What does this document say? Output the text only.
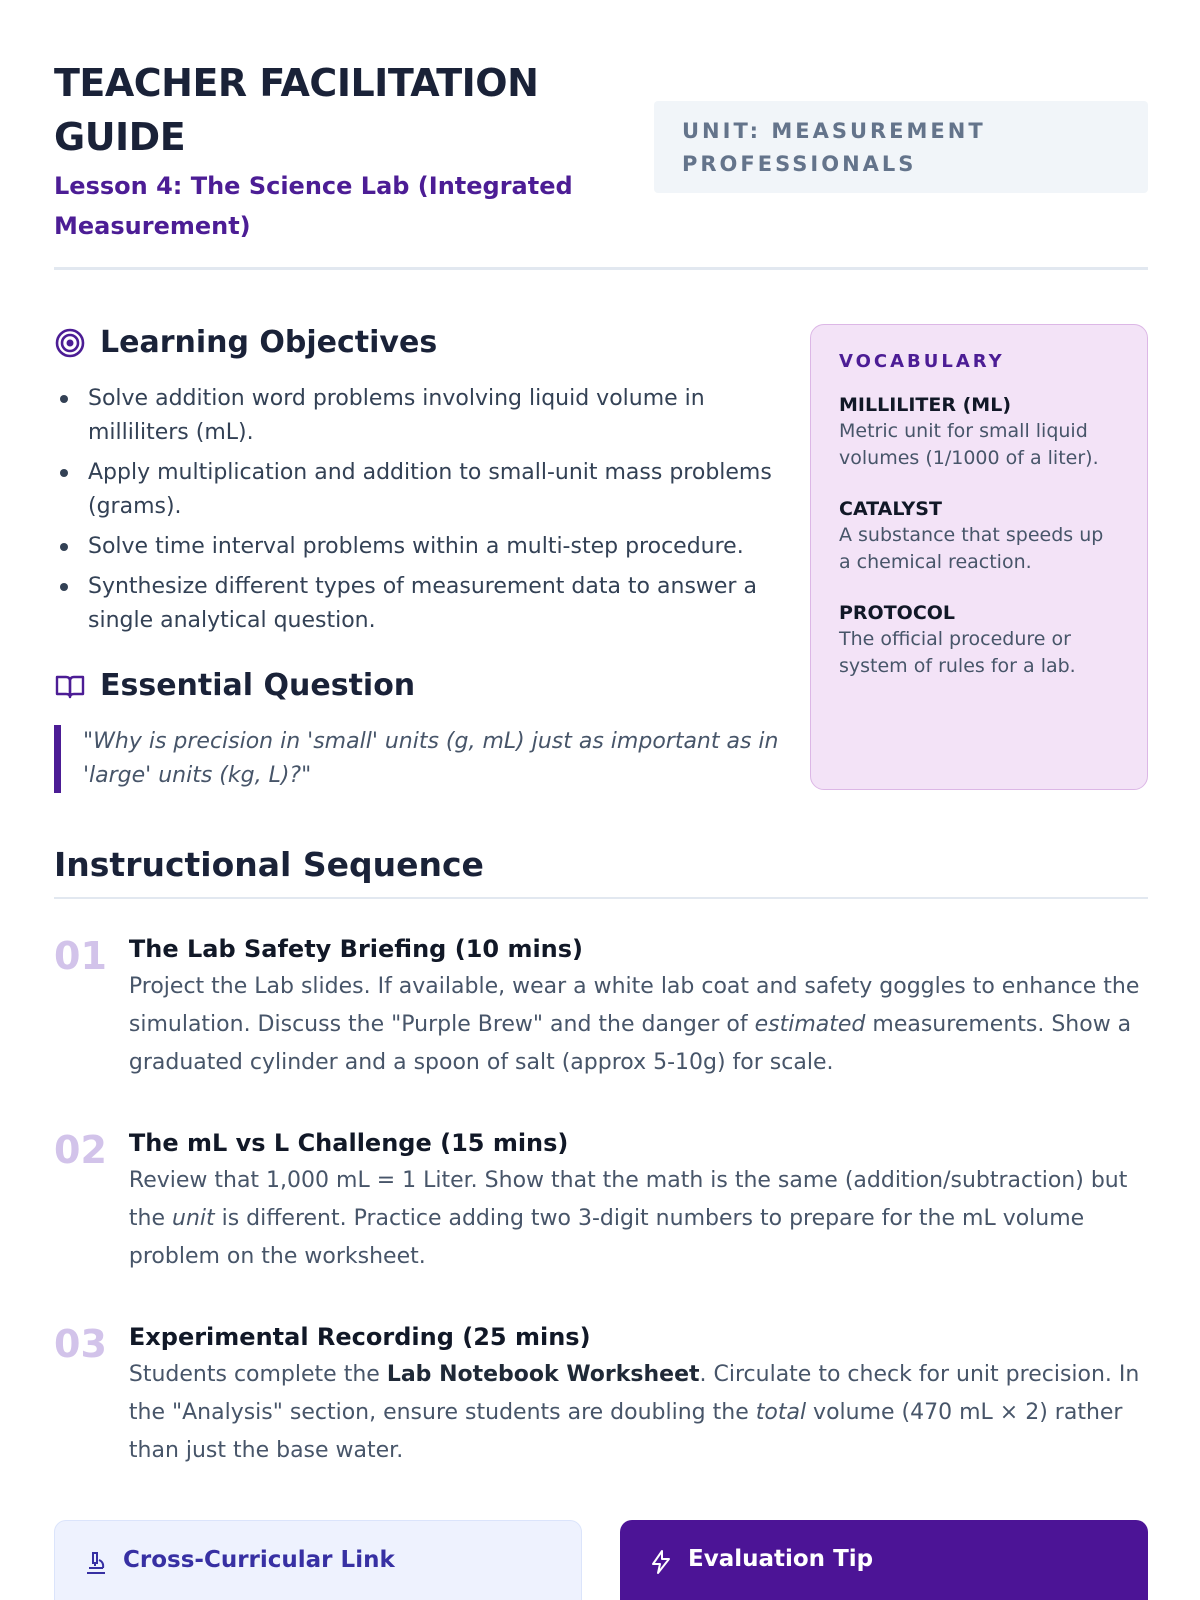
TEACHER FACILITATION GUIDE
Lesson 4: The Science Lab (Integrated Measurement)
UNIT: MEASUREMENT PROFESSIONALS
Learning Objectives
Solve addition word problems involving liquid volume in milliliters (mL).
Apply multiplication and addition to small-unit mass problems (grams).
Solve time interval problems within a multi-step procedure.
Synthesize different types of measurement data to answer a single analytical question.
Essential Question
"Why is precision in 'small' units (g, mL) just as important as in 'large' units (kg, L)?"
VOCABULARY
MILLILITER (ML)
Metric unit for small liquid volumes (1/1000 of a liter).
CATALYST
A substance that speeds up a chemical reaction.
PROTOCOL
The official procedure or system of rules for a lab.
Instructional Sequence
01 The Lab Safety Briefing (10 mins)
Project the Lab slides. If available, wear a white lab coat and safety goggles to enhance the simulation. Discuss the "Purple Brew" and the danger of estimated measurements. Show a graduated cylinder and a spoon of salt (approx 5-10g) for scale.
02 The mL vs L Challenge (15 mins)
Review that 1,000 mL = 1 Liter. Show that the math is the same (addition/subtraction) but the unit is different. Practice adding two 3-digit numbers to prepare for the mL volume problem on the worksheet.
03 Experimental Recording (25 mins)
Students complete the Lab Notebook Worksheet. Circulate to check for unit precision. In the "Analysis" section, ensure students are doubling the total volume (470 mL × 2) rather than just the base water.
Cross-Curricular Link	Evaluation Tip
